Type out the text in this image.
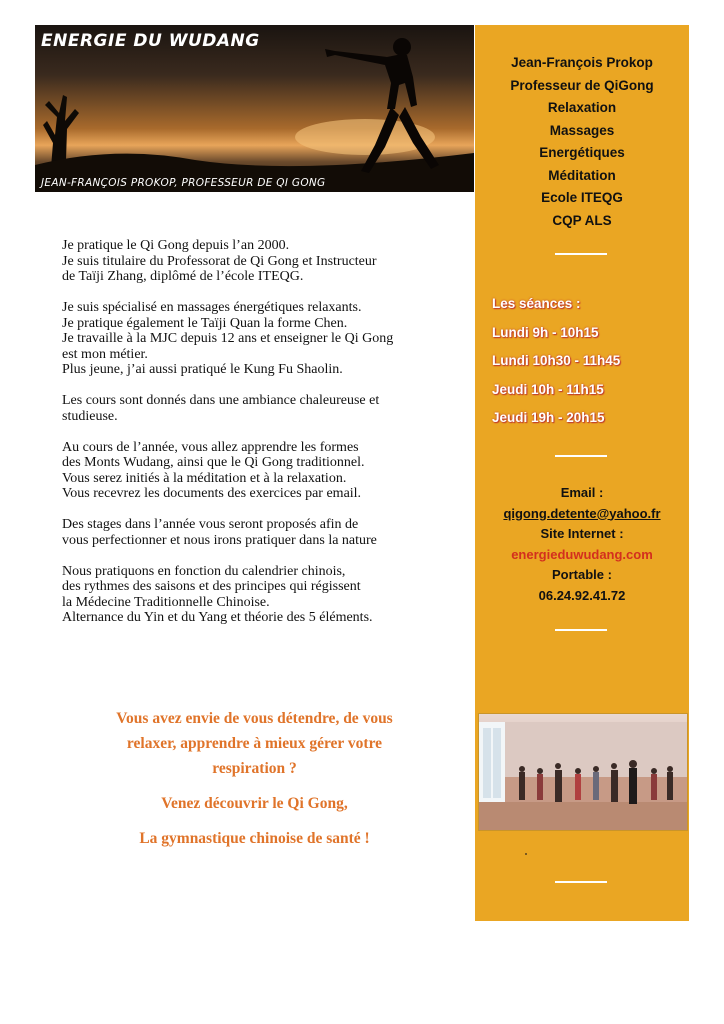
ENERGIE DU WUDANG
JEAN-FRANÇOIS PROKOP, PROFESSEUR DE QI GONG

Je pratique le Qi Gong depuis l’an 2000.
Je suis titulaire du Professorat de Qi Gong et Instructeur
de Taïji Zhang, diplômé de l’école ITEQG.

Je suis spécialisé en massages énergétiques relaxants.
Je pratique également le Taïji Quan la forme Chen.
Je travaille à la MJC depuis 12 ans et enseigner le Qi Gong
est mon métier.
Plus jeune, j’ai aussi pratiqué le Kung Fu Shaolin.

Les cours sont donnés dans une ambiance chaleureuse et
studieuse.

Au cours de l’année, vous allez apprendre les formes
des Monts Wudang, ainsi que le Qi Gong traditionnel.
Vous serez initiés à la méditation et à la relaxation.
Vous recevrez les documents des exercices par email.

Des stages dans l’année vous seront proposés afin de
vous perfectionner et nous irons pratiquer dans la nature

Nous pratiquons en fonction du calendrier chinois,
des rythmes des saisons et des principes qui régissent
la Médecine Traditionnelle Chinoise.
Alternance du Yin et du Yang et théorie des 5 éléments.

Vous avez envie de vous détendre, de vous
relaxer, apprendre à mieux gérer votre
respiration ?

Venez découvrir le Qi Gong,

La gymnastique chinoise de santé !

Jean-François Prokop
Professeur de QiGong
Relaxation
Massages
Energétiques
Méditation
Ecole ITEQG
CQP ALS
Les séances :
Lundi 9h - 10h15
Lundi 10h30 - 11h45
Jeudi 10h - 11h15
Jeudi 19h - 20h15
Email :
qigong.detente@yahoo.fr
Site Internet :
energieduwudang.com
Portable :
06.24.92.41.72
